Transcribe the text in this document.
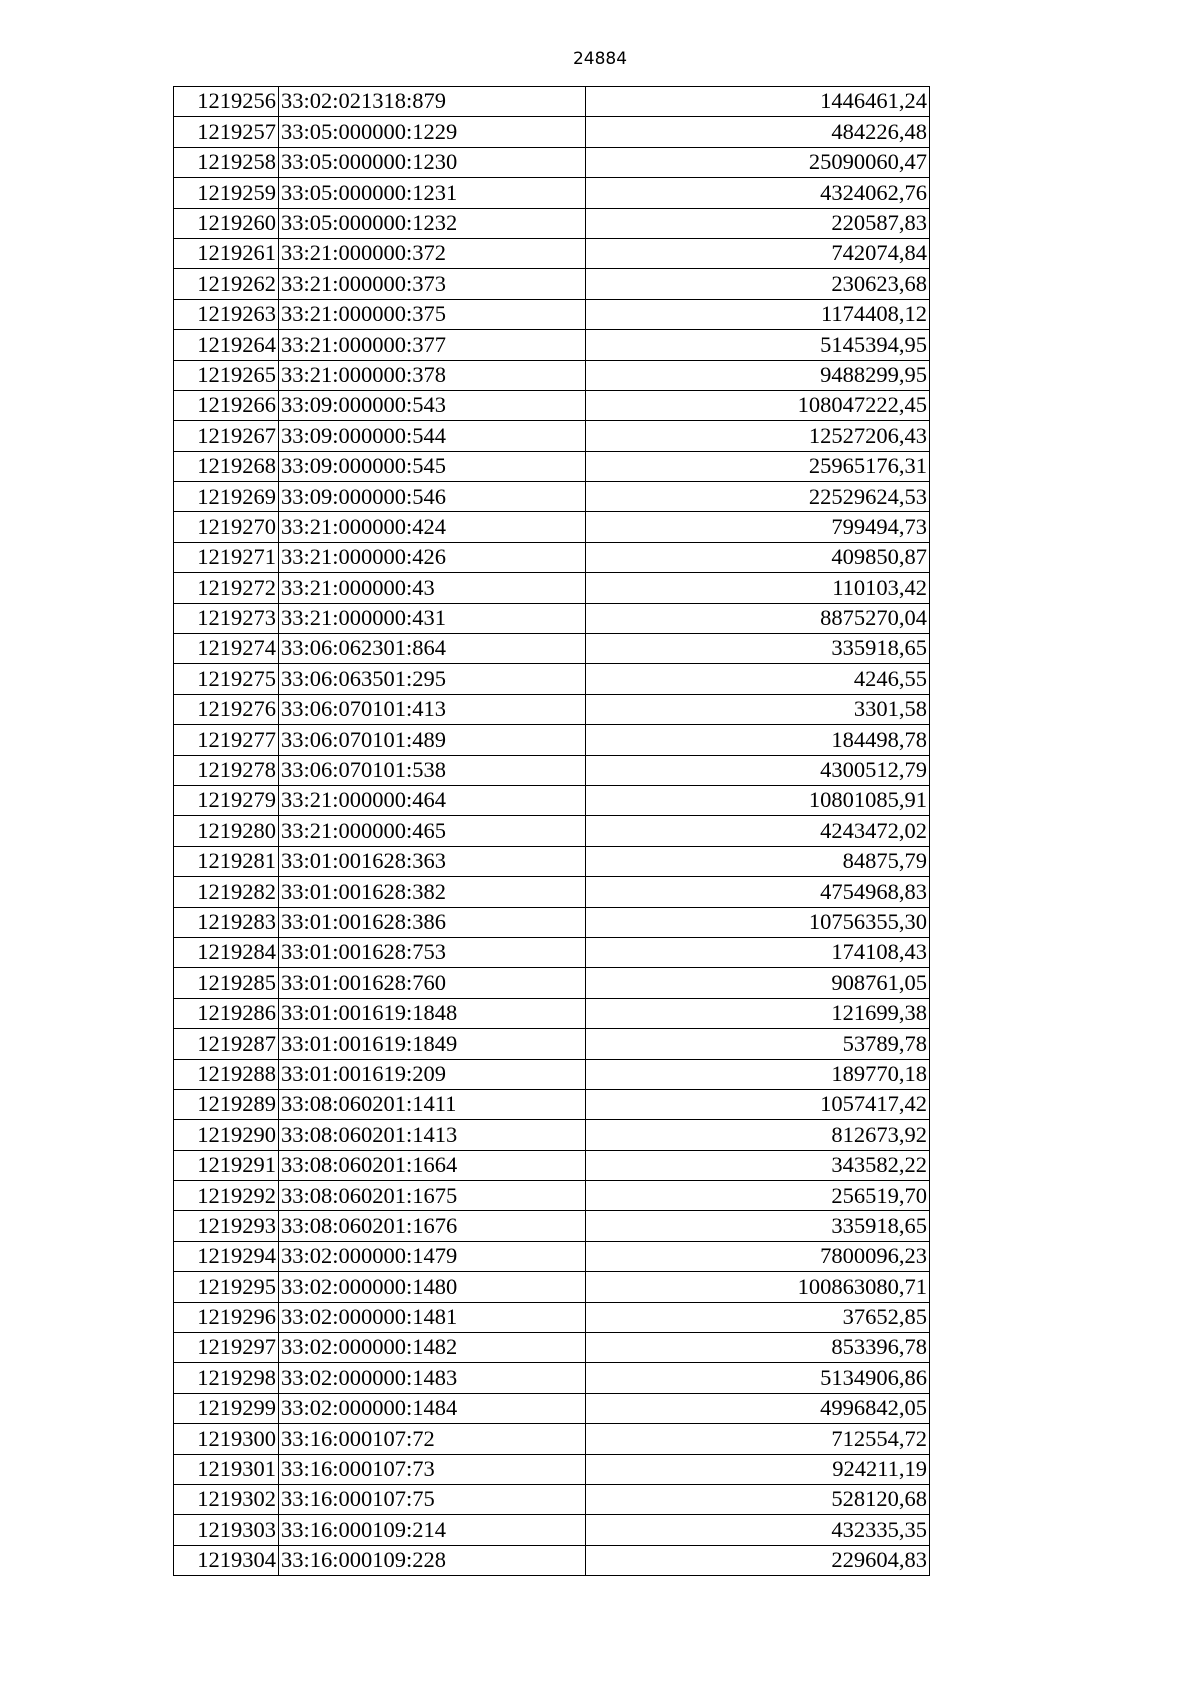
24884
1219256	33:02:021318:879	1446461,24
1219257	33:05:000000:1229	484226,48
1219258	33:05:000000:1230	25090060,47
1219259	33:05:000000:1231	4324062,76
1219260	33:05:000000:1232	220587,83
1219261	33:21:000000:372	742074,84
1219262	33:21:000000:373	230623,68
1219263	33:21:000000:375	1174408,12
1219264	33:21:000000:377	5145394,95
1219265	33:21:000000:378	9488299,95
1219266	33:09:000000:543	108047222,45
1219267	33:09:000000:544	12527206,43
1219268	33:09:000000:545	25965176,31
1219269	33:09:000000:546	22529624,53
1219270	33:21:000000:424	799494,73
1219271	33:21:000000:426	409850,87
1219272	33:21:000000:43	110103,42
1219273	33:21:000000:431	8875270,04
1219274	33:06:062301:864	335918,65
1219275	33:06:063501:295	4246,55
1219276	33:06:070101:413	3301,58
1219277	33:06:070101:489	184498,78
1219278	33:06:070101:538	4300512,79
1219279	33:21:000000:464	10801085,91
1219280	33:21:000000:465	4243472,02
1219281	33:01:001628:363	84875,79
1219282	33:01:001628:382	4754968,83
1219283	33:01:001628:386	10756355,30
1219284	33:01:001628:753	174108,43
1219285	33:01:001628:760	908761,05
1219286	33:01:001619:1848	121699,38
1219287	33:01:001619:1849	53789,78
1219288	33:01:001619:209	189770,18
1219289	33:08:060201:1411	1057417,42
1219290	33:08:060201:1413	812673,92
1219291	33:08:060201:1664	343582,22
1219292	33:08:060201:1675	256519,70
1219293	33:08:060201:1676	335918,65
1219294	33:02:000000:1479	7800096,23
1219295	33:02:000000:1480	100863080,71
1219296	33:02:000000:1481	37652,85
1219297	33:02:000000:1482	853396,78
1219298	33:02:000000:1483	5134906,86
1219299	33:02:000000:1484	4996842,05
1219300	33:16:000107:72	712554,72
1219301	33:16:000107:73	924211,19
1219302	33:16:000107:75	528120,68
1219303	33:16:000109:214	432335,35
1219304	33:16:000109:228	229604,83
